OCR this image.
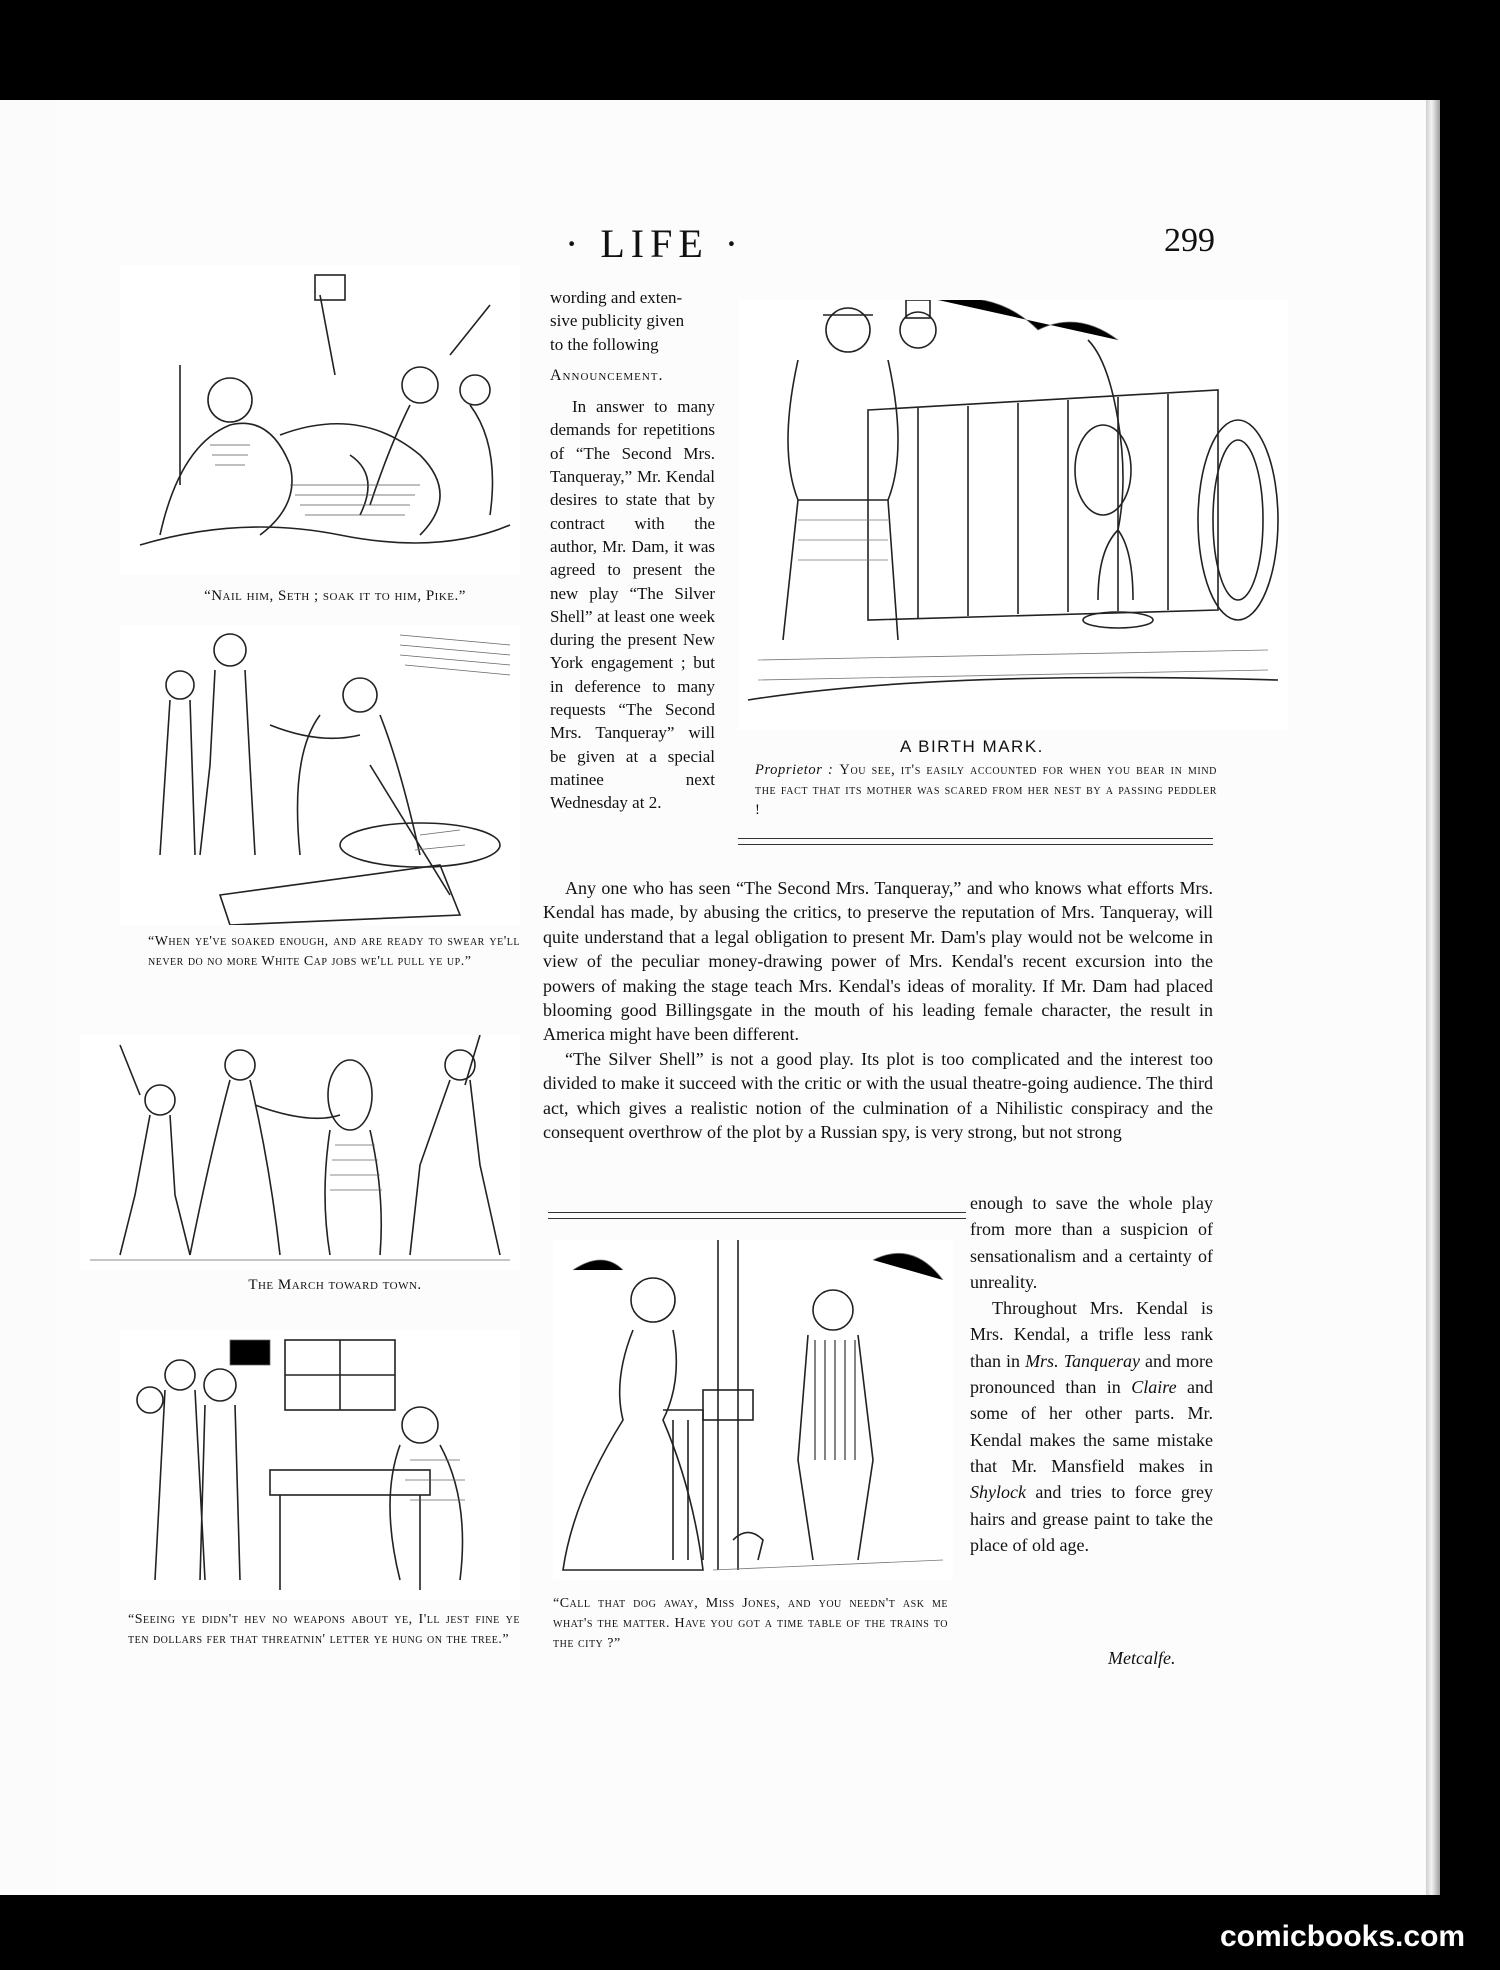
· LIFE ·	299
“Nail him, Seth ; soak it to him, Pike.”
“When ye've soaked enough, and are ready to swear ye'll never do no more White Cap jobs we'll pull ye up.”
The March toward town.
“Seeing ye didn't hev no weapons about ye, I'll jest fine ye ten dollars fer that threatnin' letter ye hung on the tree.”

wording and exten-

sive publicity given

to the following

Announcement.

In answer to many demands for repetitions of “The Second Mrs. Tanqueray,” Mr. Kendal desires to state that by contract with the author, Mr. Dam, it was agreed to present the new play “The Silver Shell” at least one week during the present New York engagement ; but in deference to many requests “The Second Mrs. Tanqueray” will be given at a special matinee next Wednesday at 2.

A BIRTH MARK.
Proprietor : You see, it's easily accounted for when you bear in mind the fact that its mother was scared from her nest by a passing peddler !

Any one who has seen “The Second Mrs. Tanqueray,” and who knows what efforts Mrs. Kendal has made, by abusing the critics, to preserve the reputation of Mrs. Tanqueray, will quite understand that a legal obligation to present Mr. Dam's play would not be welcome in view of the peculiar money-drawing power of Mrs. Kendal's recent excursion into the powers of making the stage teach Mrs. Kendal's ideas of morality. If Mr. Dam had placed blooming good Billingsgate in the mouth of his leading female character, the result in America might have been different.

“The Silver Shell” is not a good play. Its plot is too complicated and the interest too divided to make it succeed with the critic or with the usual theatre-going audience. The third act, which gives a realistic notion of the culmination of a Nihilistic conspiracy and the consequent overthrow of the plot by a Russian spy, is very strong, but not strong

“Call that dog away, Miss Jones, and you needn't ask me what's the matter. Have you got a time table of the trains to the city ?”

enough to save the whole play from more than a suspicion of sensationalism and a certainty of unreality.

Throughout Mrs. Kendal is Mrs. Kendal, a trifle less rank than in Mrs. Tanqueray and more pronounced than in Claire and some of her other parts. Mr. Kendal makes the same mistake that Mr. Mansfield makes in Shylock and tries to force grey hairs and grease paint to take the place of old age.

Metcalfe.
comicbooks.com
